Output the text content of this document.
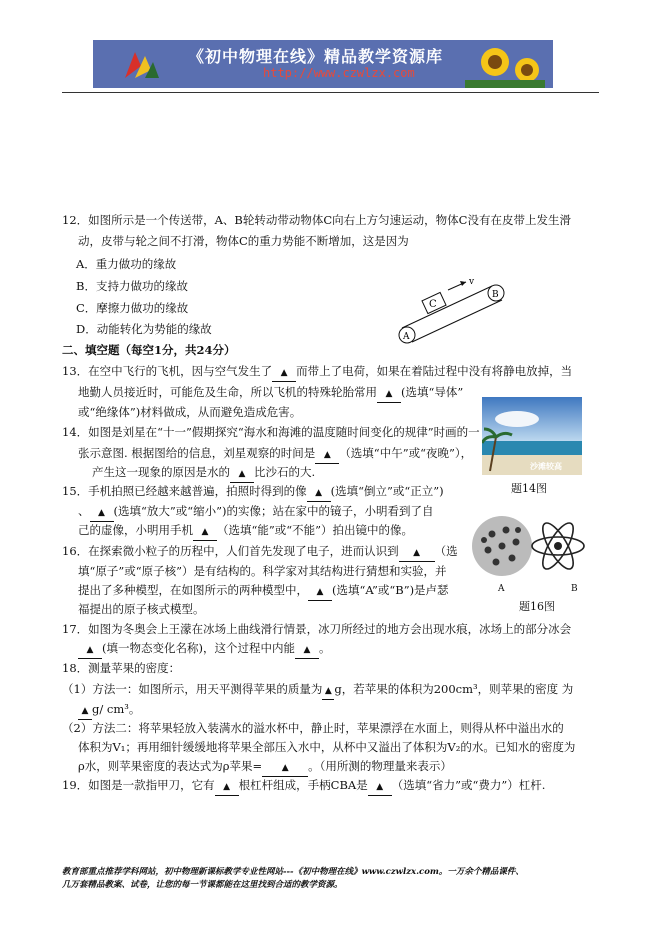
《初中物理在线》精品教学资源库
http://www.czwlzx.com
12．如图所示是一个传送带，A、B轮转动带动物体C向右上方匀速运动，物体C没有在皮带上发生滑
动，皮带与轮之间不打滑，物体C的重力势能不断增加，这是因为
A．重力做功的缘故
B．支持力做功的缘故
C．摩擦力做功的缘故
D．动能转化为势能的缘故
A
B
C
v
二、填空题（每空1分，共24分）
13．在空中飞行的飞机，因与空气发生了 ▲ 而带上了电荷，如果在着陆过程中没有将静电放掉，当
地勤人员接近时，可能危及生命，所以飞机的特殊轮胎常用 ▲ (选填“导体”
或“绝缘体”)材料做成，从而避免造成危害。
14．如图是刘星在“十一”假期探究“海水和海滩的温度随时间变化的规律”时画的一
张示意图. 根据图给的信息，刘星观察的时间是 ▲ （选填“中午”或“夜晚”），
产生这一现象的原因是水的 ▲ 比沙石的大.	沙滩较高
题14图
15．手机拍照已经越来越普遍，拍照时得到的像 ▲ (选填“倒立”或“正立”)
、 ▲ (选填“放大”或“缩小”)的实像；站在家中的镜子，小明看到了自
己的虚像，小明用手机 ▲ （选填“能”或“不能”）拍出镜中的像。
16．在探索微小粒子的历程中，人们首先发现了电子，进而认识到 ▲ （选
填“原子”或“原子核”）是有结构的。科学家对其结构进行猜想和实验，并
提出了多种模型，在如图所示的两种模型中， ▲ (选填“A”或“B”)是卢瑟
福提出的原子核式模型。
A
题16图
B
17．如图为冬奥会上王濛在冰场上曲线滑行情景，冰刀所经过的地方会出现水痕，冰场上的部分冰会
▲ (填一物态变化名称)，这个过程中内能 ▲ 。
18．测量苹果的密度：
（1）方法一：如图所示，用天平测得苹果的质量为 ▲ g，若苹果的体积为200cm³，则苹果的密度 为
▲ g/ cm³。
（2）方法二：将苹果轻放入装满水的溢水杯中，静止时，苹果漂浮在水面上，则得从杯中溢出水的
体积为V₁；再用细针缓缓地将苹果全部压入水中，从杯中又溢出了体积为V₂的水。已知水的密度为
ρ水，则苹果密度的表达式为ρ苹果= ▲ 。（用所测的物理量来表示）
19．如图是一款指甲刀，它有 ▲ 根杠杆组成，手柄CBA是 ▲ （选填“省力”或“费力”）杠杆.
教育部重点推荐学科网站，初中物理新课标教学专业性网站---《初中物理在线》www.czwlzx.com。一万余个精品课件、
几万套精品教案、试卷，让您的每一节课都能在这里找到合适的教学资源。
